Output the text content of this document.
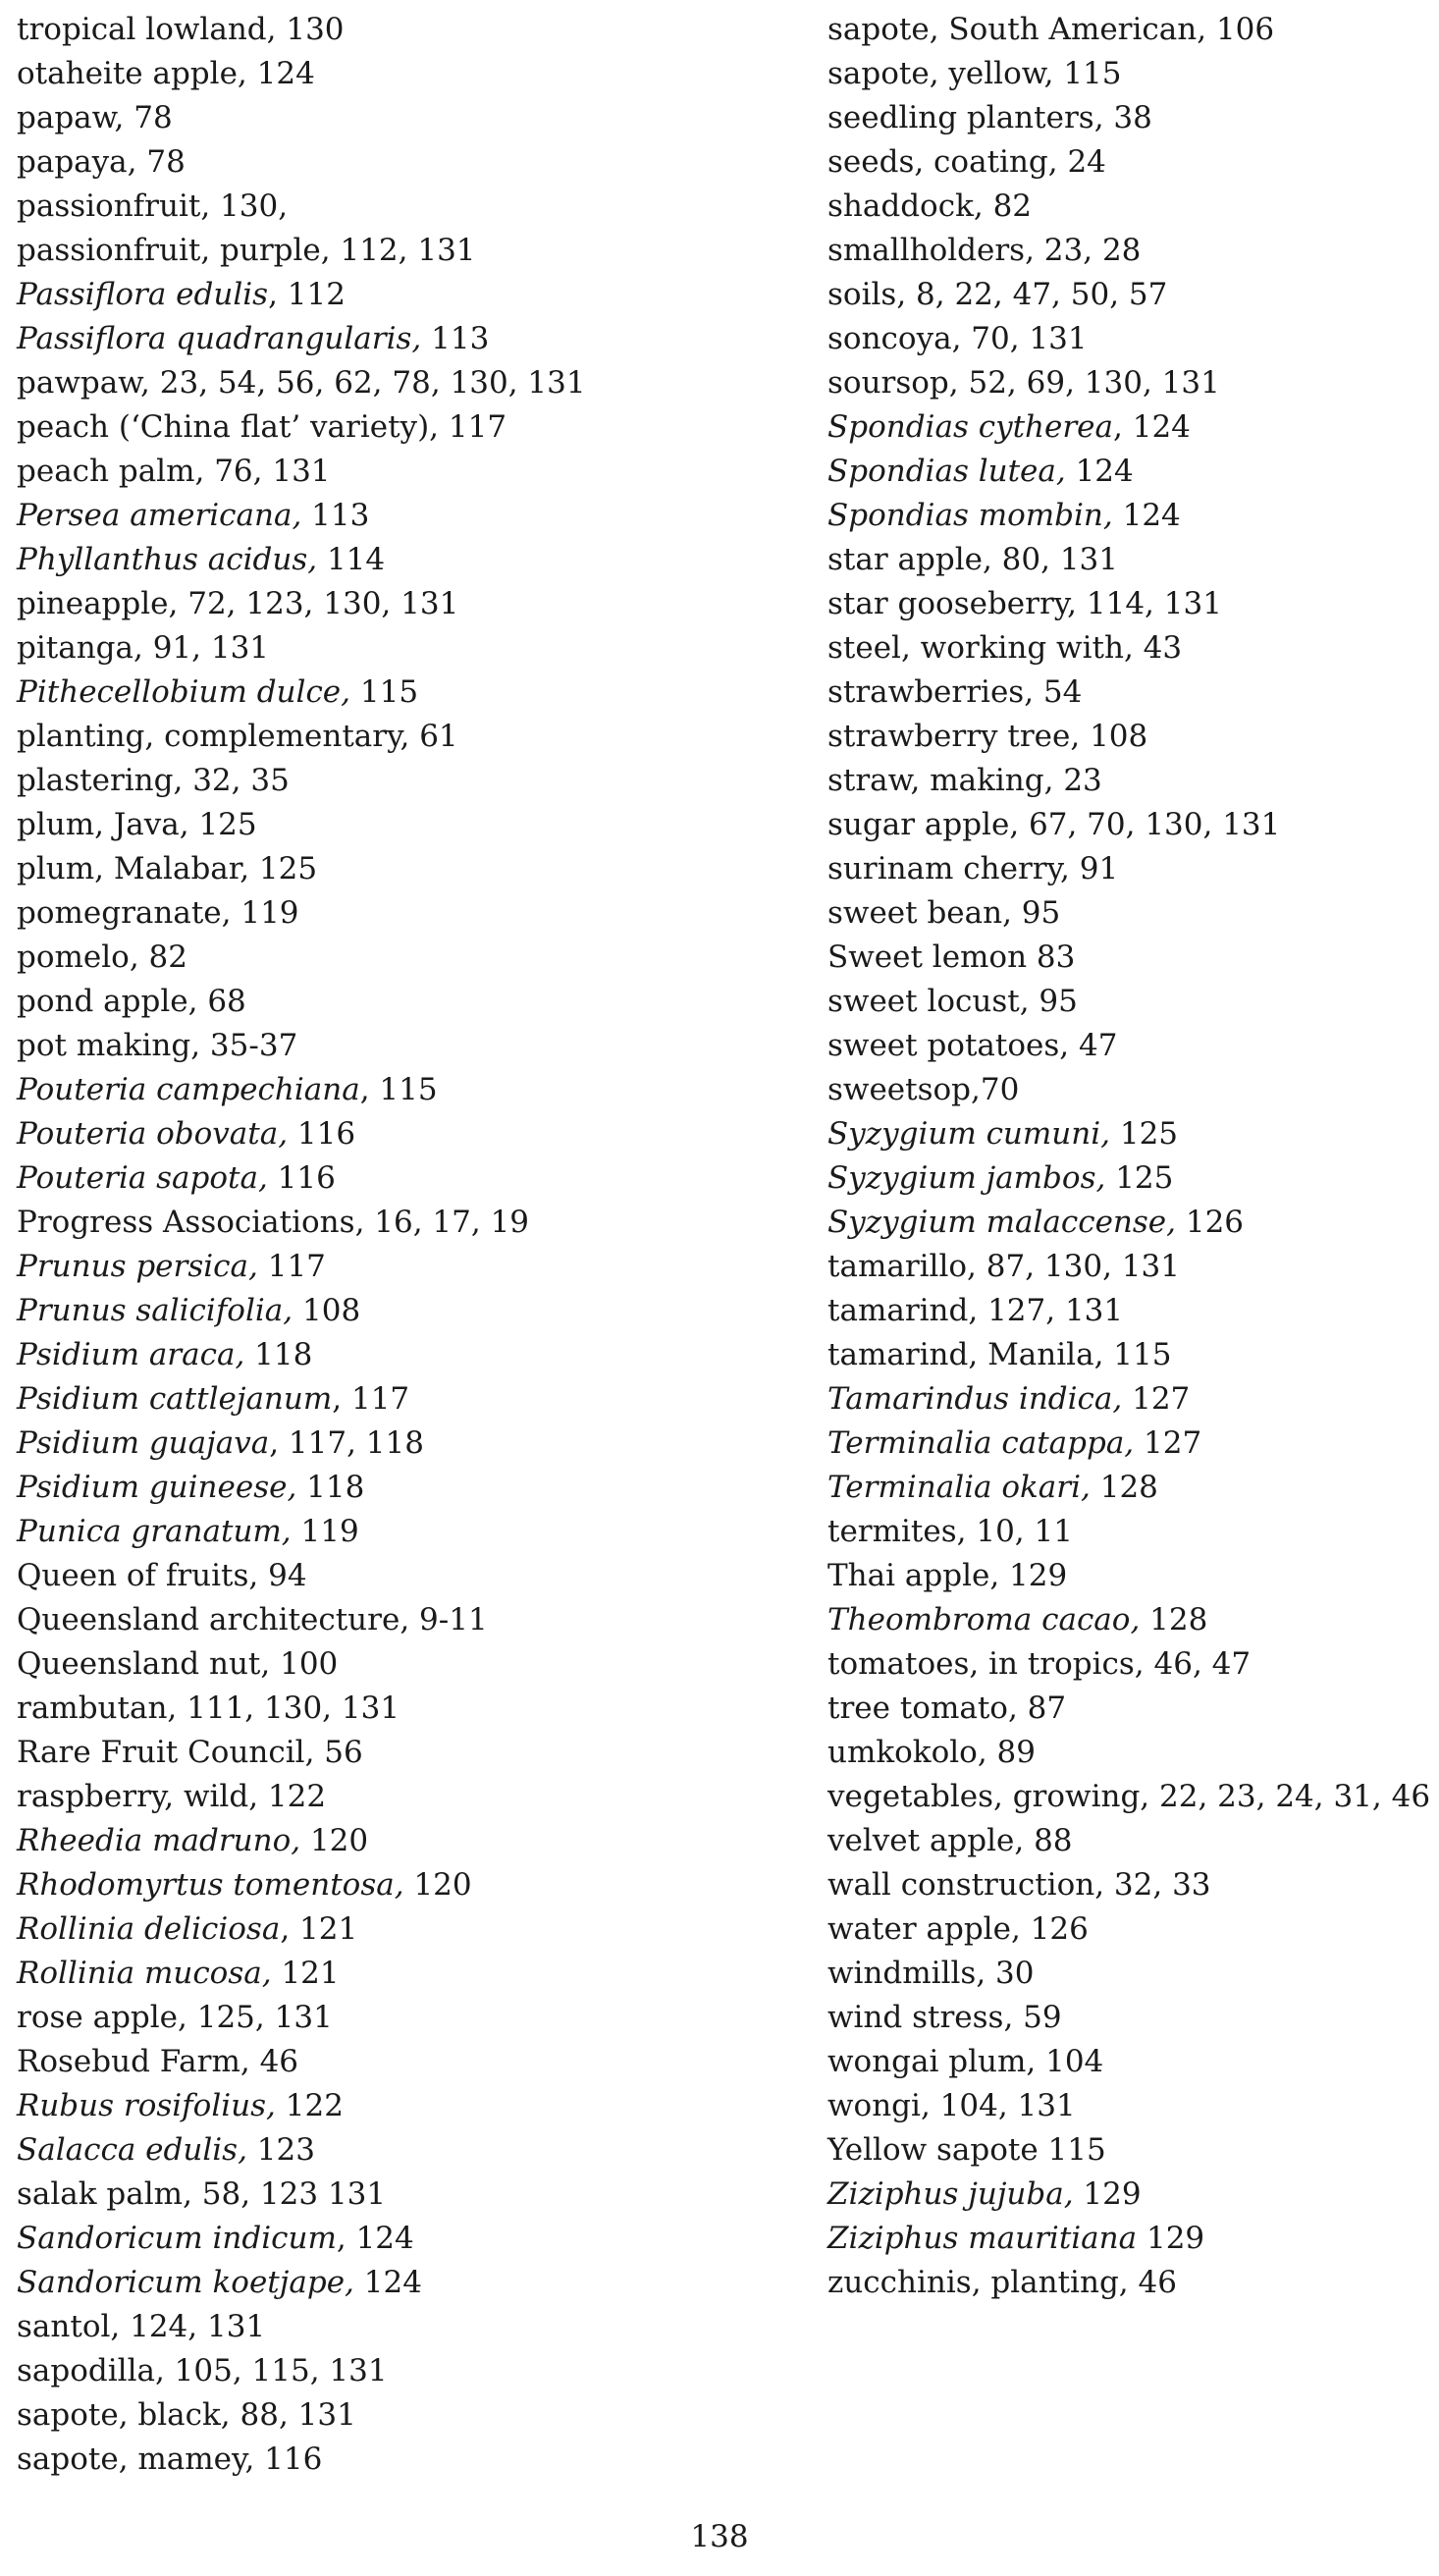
tropical lowland, 130
otaheite apple, 124
papaw, 78
papaya, 78
passionfruit, 130,
passionfruit, purple, 112, 131
Passiflora edulis, 112
Passiflora quadrangularis, 113
pawpaw, 23, 54, 56, 62, 78, 130, 131
peach (‘China flat’ variety), 117
peach palm, 76, 131
Persea americana, 113
Phyllanthus acidus, 114
pineapple, 72, 123, 130, 131
pitanga, 91, 131
Pithecellobium dulce, 115
planting, complementary, 61
plastering, 32, 35
plum, Java, 125
plum, Malabar, 125
pomegranate, 119
pomelo, 82
pond apple, 68
pot making, 35-37
Pouteria campechiana, 115
Pouteria obovata, 116
Pouteria sapota, 116
Progress Associations, 16, 17, 19
Prunus persica, 117
Prunus salicifolia, 108
Psidium araca, 118
Psidium cattlejanum, 117
Psidium guajava, 117, 118
Psidium guineese, 118
Punica granatum, 119
Queen of fruits, 94
Queensland architecture, 9-11
Queensland nut, 100
rambutan, 111, 130, 131
Rare Fruit Council, 56
raspberry, wild, 122
Rheedia madruno, 120
Rhodomyrtus tomentosa, 120
Rollinia deliciosa, 121
Rollinia mucosa, 121
rose apple, 125, 131
Rosebud Farm, 46
Rubus rosifolius, 122
Salacca edulis, 123
salak palm, 58, 123 131
Sandoricum indicum, 124
Sandoricum koetjape, 124
santol, 124, 131
sapodilla, 105, 115, 131
sapote, black, 88, 131
sapote, mamey, 116
sapote, South American, 106
sapote, yellow, 115
seedling planters, 38
seeds, coating, 24
shaddock, 82
smallholders, 23, 28
soils, 8, 22, 47, 50, 57
soncoya, 70, 131
soursop, 52, 69, 130, 131
Spondias cytherea, 124
Spondias lutea, 124
Spondias mombin, 124
star apple, 80, 131
star gooseberry, 114, 131
steel, working with, 43
strawberries, 54
strawberry tree, 108
straw, making, 23
sugar apple, 67, 70, 130, 131
surinam cherry, 91
sweet bean, 95
Sweet lemon 83
sweet locust, 95
sweet potatoes, 47
sweetsop,70
Syzygium cumuni, 125
Syzygium jambos, 125
Syzygium malaccense, 126
tamarillo, 87, 130, 131
tamarind, 127, 131
tamarind, Manila, 115
Tamarindus indica, 127
Terminalia catappa, 127
Terminalia okari, 128
termites, 10, 11
Thai apple, 129
Theombroma cacao, 128
tomatoes, in tropics, 46, 47
tree tomato, 87
umkokolo, 89
vegetables, growing, 22, 23, 24, 31, 46
velvet apple, 88
wall construction, 32, 33
water apple, 126
windmills, 30
wind stress, 59
wongai plum, 104
wongi, 104, 131
Yellow sapote 115
Ziziphus jujuba, 129
Ziziphus mauritiana 129
zucchinis, planting, 46
138
